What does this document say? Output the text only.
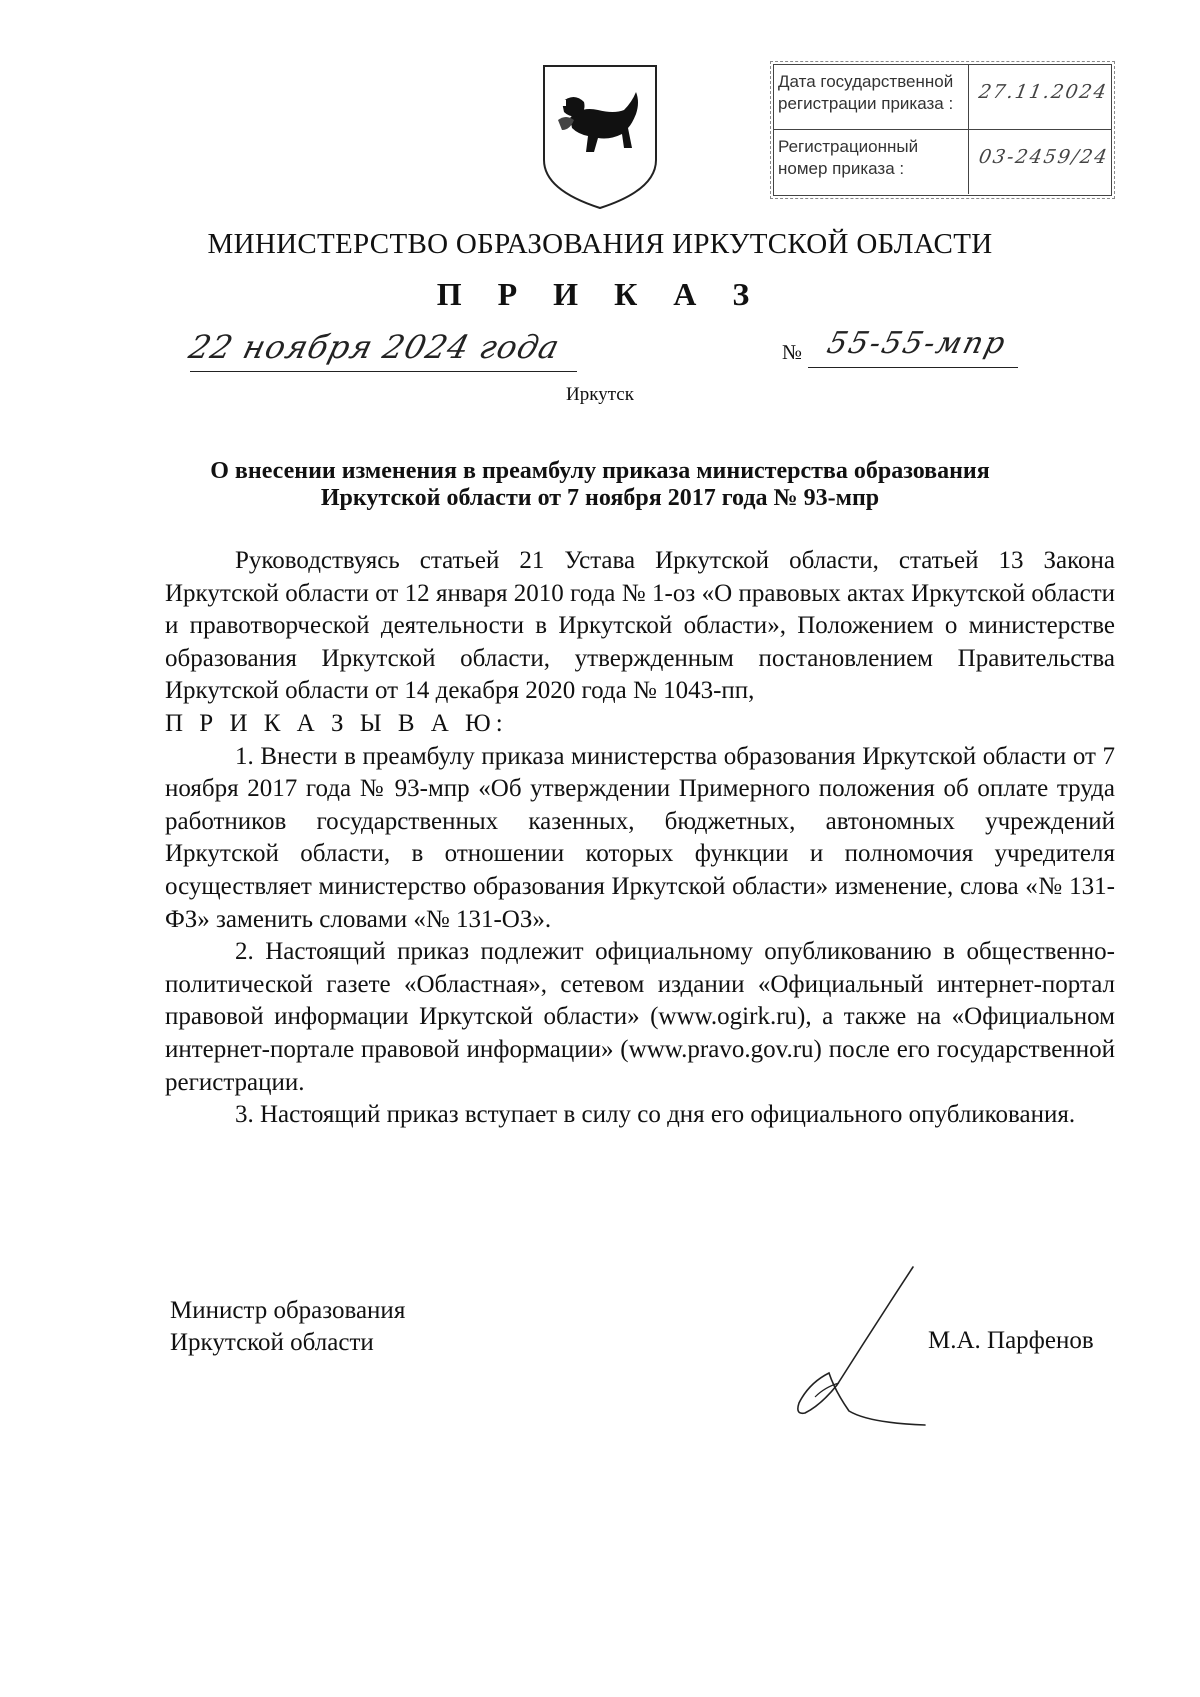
Дата государственной регистрации приказа :
27.11.2024
Регистрационный номер приказа :
03-2459/24
МИНИСТЕРСТВО ОБРАЗОВАНИЯ ИРКУТСКОЙ ОБЛАСТИ
П Р И К А З
22 ноября 2024 года	№ 55-55-мпр
Иркутск
О внесении изменения в преамбулу приказа министерства образования Иркутской области от 7 ноября 2017 года № 93-мпр

Руководствуясь статьей 21 Устава Иркутской области, статьей 13 Закона Иркутской области от 12 января 2010 года № 1-оз «О правовых актах Иркутской области и правотворческой деятельности в Иркутской области», Положением о министерстве образования Иркутской области, утвержденным постановлением Правительства Иркутской области от 14 декабря 2020 года № 1043-пп,

П Р И К А З Ы В А Ю:

1. Внести в преамбулу приказа министерства образования Иркутской области от 7 ноября 2017 года № 93-мпр «Об утверждении Примерного положения об оплате труда работников государственных казенных, бюджетных, автономных учреждений Иркутской области, в отношении которых функции и полномочия учредителя осуществляет министерство образования Иркутской области» изменение, слова «№ 131-ФЗ» заменить словами «№ 131-ОЗ».

2. Настоящий приказ подлежит официальному опубликованию в общественно-политической газете «Областная», сетевом издании «Официальный интернет-портал правовой информации Иркутской области» (www.ogirk.ru), а также на «Официальном интернет-портале правовой информации» (www.pravo.gov.ru) после его государственной регистрации.

3. Настоящий приказ вступает в силу со дня его официального опубликования.

Министр образования
Иркутской области	М.А. Парфенов
